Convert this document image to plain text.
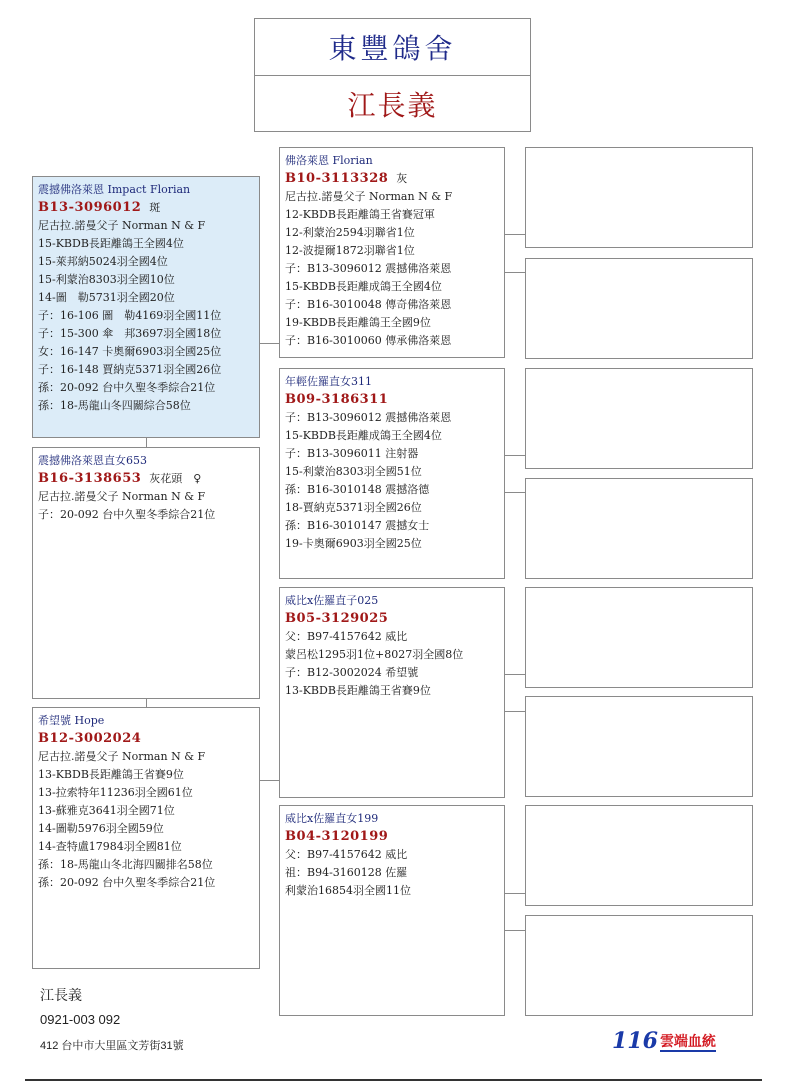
東豐鴿舍
江長義
震撼佛洛萊恩 Impact Florian
B13-3096012 斑
尼古拉.諾曼父子 Norman N & F
15-KBDB長距離鴿王全國4位
15-萊邦納5024羽全國4位
15-利蒙治8303羽全國10位
14-圖　勒5731羽全國20位
子：16-106 圖　勒4169羽全國11位
子：15-300 傘　邦3697羽全國18位
女：16-147 卡奧爾6903羽全國25位
子：16-148 賈納克5371羽全國26位
孫：20-092 台中久聖冬季綜合21位
孫：18-馬龍山冬四關綜合58位
震撼佛洛萊恩直女653
B16-3138653 灰花頭　♀
尼古拉.諾曼父子 Norman N & F
子：20-092 台中久聖冬季綜合21位
希望號 Hope
B12-3002024
尼古拉.諾曼父子 Norman N & F
13-KBDB長距離鴿王省賽9位
13-拉索特年11236羽全國61位
13-蘇雅克3641羽全國71位
14-圖勒5976羽全國59位
14-查特盧17984羽全國81位
孫：18-馬龍山冬北海四關排名58位
孫：20-092 台中久聖冬季綜合21位
佛洛萊恩 Florian
B10-3113328 灰
尼古拉.諾曼父子 Norman N & F
12-KBDB長距離鴿王省賽冠軍
12-利蒙治2594羽聯省1位
12-波提爾1872羽聯省1位
子：B13-3096012 震撼佛洛萊恩
15-KBDB長距離成鴿王全國4位
子：B16-3010048 傳奇佛洛萊恩
19-KBDB長距離鴿王全國9位
子：B16-3010060 傳承佛洛萊恩
年輕佐羅直女311
B09-3186311
子：B13-3096012 震撼佛洛萊恩
15-KBDB長距離成鴿王全國4位
子：B13-3096011 注射器
15-利蒙治8303羽全國51位
孫：B16-3010148 震撼洛德
18-賈納克5371羽全國26位
孫：B16-3010147 震撼女士
19-卡奧爾6903羽全國25位
威比x佐羅直子025
B05-3129025
父：B97-4157642 威比
蒙呂松1295羽1位+8027羽全國8位
子：B12-3002024 希望號
13-KBDB長距離鴿王省賽9位
威比x佐羅直女199
B04-3120199
父：B97-4157642 威比
祖：B94-3160128 佐羅
利蒙治16854羽全國11位
江長義
0921-003 092
412 台中市大里區文芳街31號	116 雲端血統
